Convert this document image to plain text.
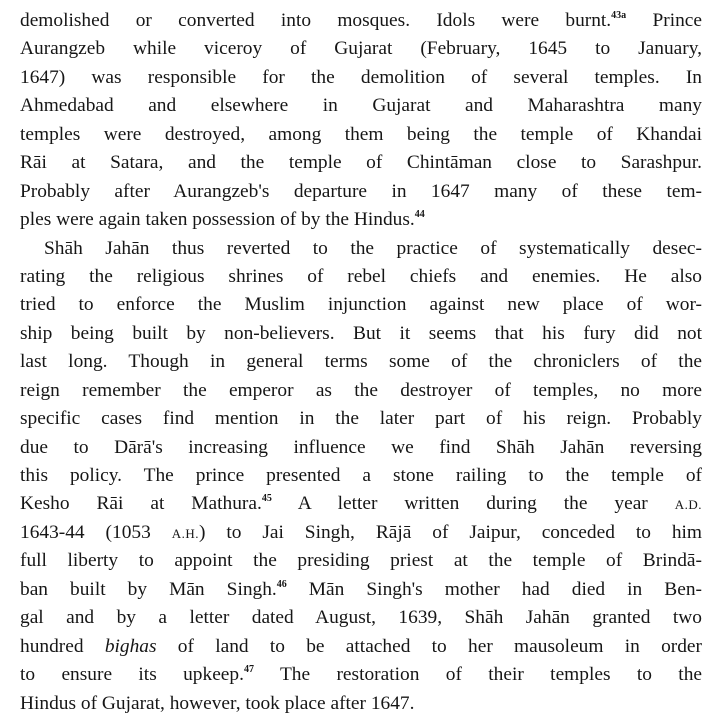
demolished or converted into mosques. Idols were burnt.$^{43a}$ Prince
Aurangzeb while viceroy of Gujarat (February, 1645 to January,
1647) was responsible for the demolition of several temples. In
Ahmedabad and elsewhere in Gujarat and Maharashtra many
temples were destroyed, among them being the temple of Khandai
Rāi at Satara, and the temple of Chintāman close to Sarashpur.
Probably after Aurangzeb's departure in 1647 many of these tem-
ples were again taken possession of by the Hindus.$^{44}$
Shāh Jahān thus reverted to the practice of systematically desec-
rating the religious shrines of rebel chiefs and enemies. He also
tried to enforce the Muslim injunction against new place of wor-
ship being built by non-believers. But it seems that his fury did not
last long. Though in general terms some of the chroniclers of the
reign remember the emperor as the destroyer of temples, no more
specific cases find mention in the later part of his reign. Probably
due to Dārā's increasing influence we find Shāh Jahān reversing
this policy. The prince presented a stone railing to the temple of
Kesho Rāi at Mathura.$^{45}$ A letter written during the year A.D.
1643-44 (1053 A.H.) to Jai Singh, Rājā of Jaipur, conceded to him
full liberty to appoint the presiding priest at the temple of Brindā-
ban built by Mān Singh.$^{46}$ Mān Singh's mother had died in Ben-
gal and by a letter dated August, 1639, Shāh Jahān granted two
hundred bighas of land to be attached to her mausoleum in order
to ensure its upkeep.$^{47}$ The restoration of their temples to the
Hindus of Gujarat, however, took place after 1647.
